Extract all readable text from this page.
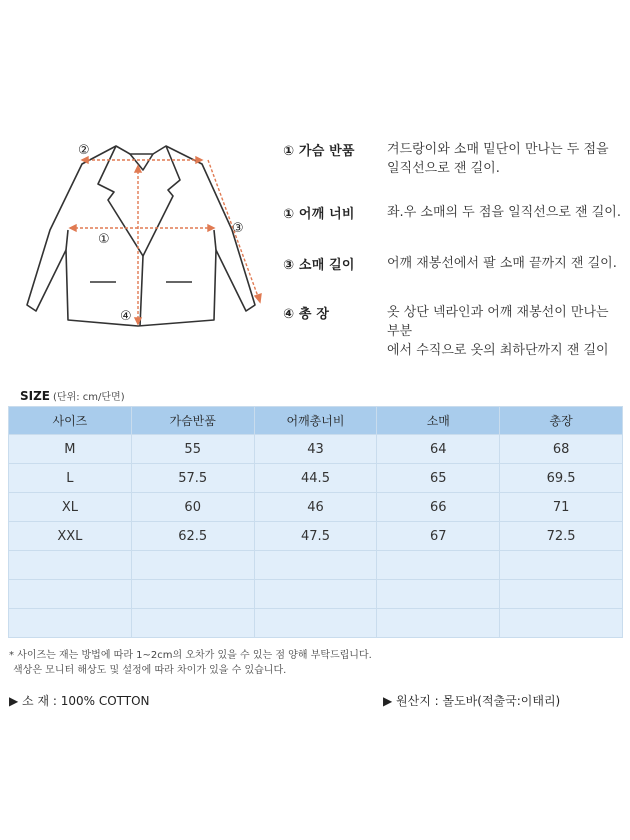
②
①
③
④
① 가슴 반품 겨드랑이와 소매 밑단이 만나는 두 점을
일직선으로 잰 길이.
① 어깨 너비 좌.우 소매의 두 점을 일직선으로 잰 길이.
③ 소매 길이 어깨 재봉선에서 팔 소매 끝까지 잰 길이.
④ 총 장	옷 상단 넥라인과 어깨 재봉선이 만나는 부분
에서 수직으로 옷의 최하단까지 잰 길이
SIZE (단위: cm/단면)
사이즈	가슴반품	어깨총너비	소매	총장
M	55	43	64	68
L	57.5	44.5	65	69.5
XL	60	46	66	71
XXL	62.5	47.5	67	72.5

* 사이즈는 재는 방법에 따라 1~2cm의 오차가 있을 수 있는 점 양해 부탁드립니다.
색상은 모니터 해상도 및 설정에 따라 차이가 있을 수 있습니다.
▶ 소 재 : 100% COTTON	▶ 원산지 : 몰도바(적출국:이태리)
